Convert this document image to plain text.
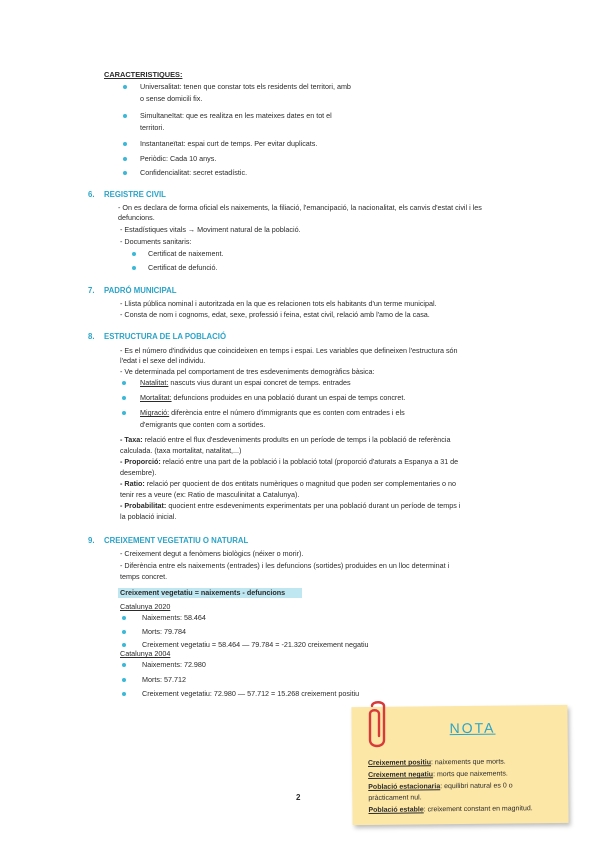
CARACTERISTIQUES:
Universalitat: tenen que constar tots els residents del territori, amb
o sense domicili fix.
Simultaneïtat: que es realitza en les mateixes dates en tot el
territori.
Instantaneïtat: espai curt de temps. Per evitar duplicats.
Periòdic: Cada 10 anys.
Confidencialitat: secret estadístic.
6. REGISTRE CIVIL
- On es declara de forma oficial els naixements, la filiació, l'emancipació, la nacionalitat, els canvis d'estat civil i les
defuncions.
- Estadístiques vitals → Moviment natural de la població.
- Documents sanitaris:
Certificat de naixement.
Certificat de defunció.
7. PADRÓ MUNICIPAL
- Llista pública nominal i autoritzada en la que es relacionen tots els habitants d'un terme municipal.
- Consta de nom i cognoms, edat, sexe, professió i feina, estat civil, relació amb l'amo de la casa.
8. ESTRUCTURA DE LA POBLACIÓ
- Es el número d'individus que coincideixen en temps i espai. Les variables que defineixen l'estructura són
l'edat i el sexe del individu.
- Ve determinada pel comportament de tres esdeveniments demogràfics bàsica:
Natalitat: nascuts vius durant un espai concret de temps. entrades
Mortalitat: defuncions produides en una població durant un espai de temps concret.
Migració: diferència entre el número d'immigrants que es conten com entrades i els
d'emigrants que conten com a sortides.
- Taxa: relació entre el flux d'esdeveniments produïts en un període de temps i la població de referència
calculada. (taxa mortalitat, natalitat,...)
- Proporció: relació entre una part de la població i la població total (proporció d'aturats a Espanya a 31 de
desembre).
- Ratio: relació per quocient de dos entitats numèriques o magnitud que poden ser complementaries o no
tenir res a veure (ex: Ratio de masculinitat a Catalunya).
- Probabilitat: quocient entre esdeveniments experimentats per una població durant un període de temps i
la població inicial.
9. CREIXEMENT VEGETATIU O NATURAL
- Creixement degut a fenòmens biològics (néixer o morir).
- Diferència entre els naixements (entrades) i les defuncions (sortides) produides en un lloc determinat i
temps concret.
Creixement vegetatiu = naixements - defuncions
Catalunya 2020
Naixements: 58.464
Morts: 79.784
Creixement vegetatiu = 58.464 — 79.784 = -21.320 creixement negatiu
Catalunya 2004
Naixements: 72.980
Morts: 57.712
Creixement vegetatiu: 72.980 — 57.712 = 15.268 creixement positiu
NOTA
Creixement positiu: naixements que morts.
Creixement negatiu: morts que naixements.
Població estacionaria: equilibri natural es 0 o
pràcticament nul.
Població estable: creixement constant en magnitud.
2
